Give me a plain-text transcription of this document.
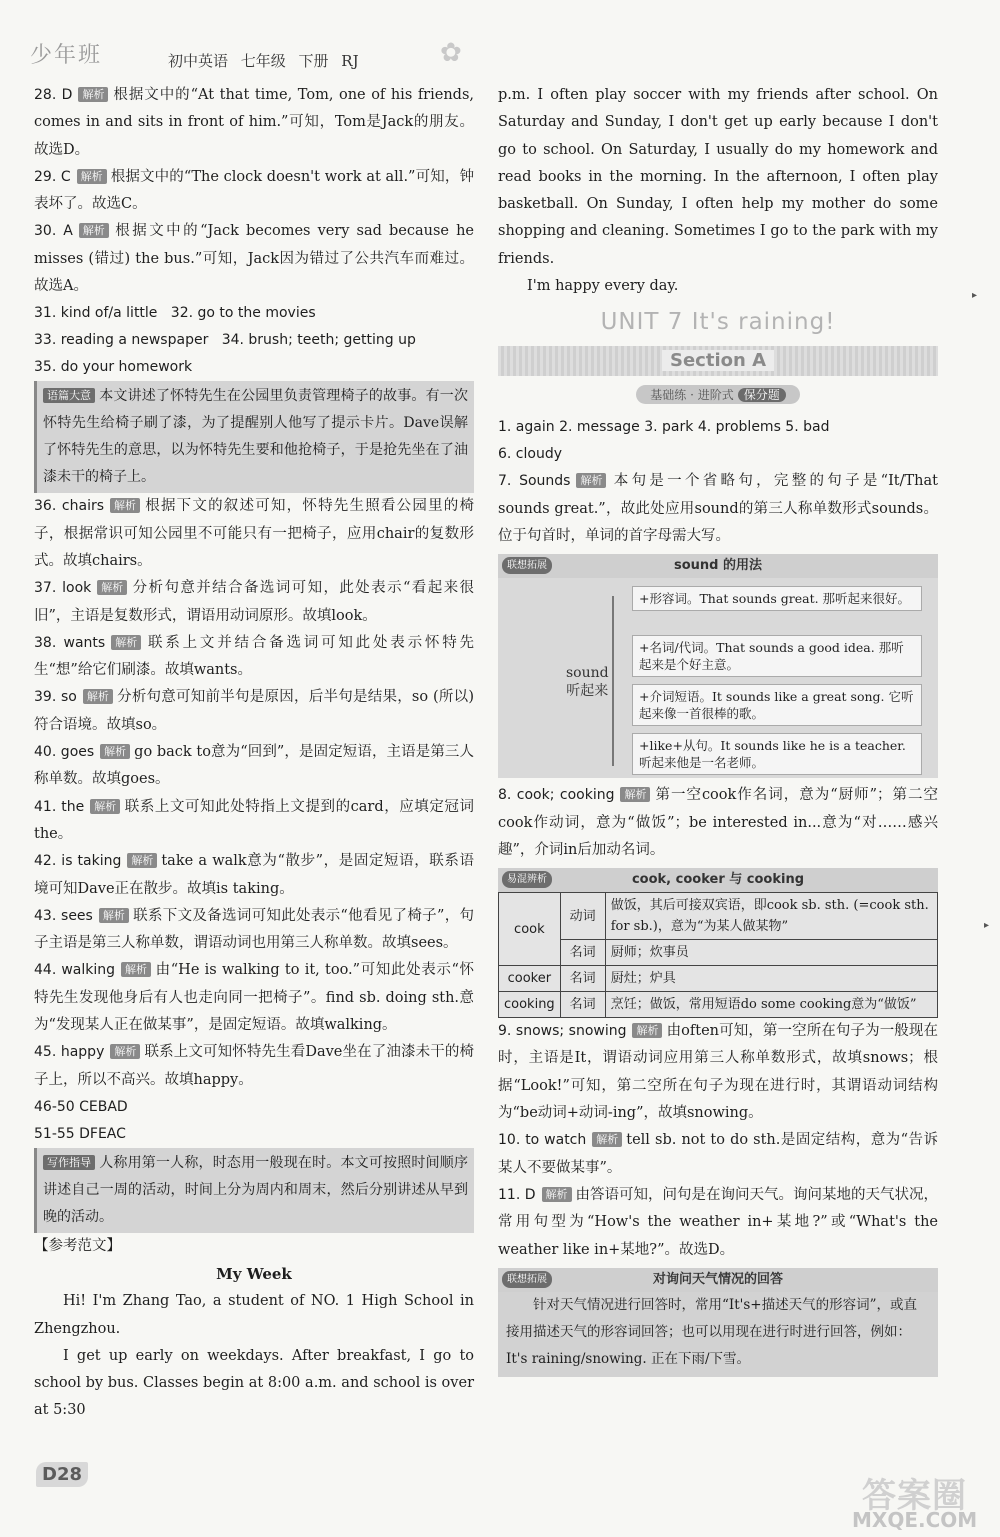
少年班	初中英语 七年级 下册 RJ	✿

28. D 解析 根据文中的“At that time, Tom, one of his friends, comes in and sits in front of him.”可知，Tom是Jack的朋友。故选D。

29. C 解析 根据文中的“The clock doesn't work at all.”可知，钟表坏了。故选C。

30. A 解析 根据文中的“Jack becomes very sad because he misses (错过) the bus.”可知，Jack因为错过了公共汽车而难过。故选A。

31. kind of/a little 32. go to the movies
33. reading a newspaper 34. brush; teeth; getting up
35. do your homework
语篇大意 本文讲述了怀特先生在公园里负责管理椅子的故事。有一次怀特先生给椅子刷了漆，为了提醒别人他写了提示卡片。Dave误解了怀特先生的意思，以为怀特先生要和他抢椅子，于是抢先坐在了油漆未干的椅子上。

36. chairs 解析 根据下文的叙述可知，怀特先生照看公园里的椅子，根据常识可知公园里不可能只有一把椅子，应用chair的复数形式。故填chairs。

37. look 解析 分析句意并结合备选词可知，此处表示“看起来很旧”，主语是复数形式，谓语用动词原形。故填look。

38. wants 解析 联系上文并结合备选词可知此处表示怀特先生“想”给它们刷漆。故填wants。

39. so 解析 分析句意可知前半句是原因，后半句是结果，so (所以)符合语境。故填so。

40. goes 解析 go back to意为“回到”，是固定短语，主语是第三人称单数。故填goes。

41. the 解析 联系上文可知此处特指上文提到的card，应填定冠词the。

42. is taking 解析 take a walk意为“散步”，是固定短语，联系语境可知Dave正在散步。故填is taking。

43. sees 解析 联系下文及备选词可知此处表示“他看见了椅子”，句子主语是第三人称单数，谓语动词也用第三人称单数。故填sees。

44. walking 解析 由“He is walking to it, too.”可知此处表示“怀特先生发现他身后有人也走向同一把椅子”。find sb. doing sth.意为“发现某人正在做某事”，是固定短语。故填walking。

45. happy 解析 联系上文可知怀特先生看Dave坐在了油漆未干的椅子上，所以不高兴。故填happy。

46-50 CEBAD
51-55 DFEAC
写作指导 人称用第一人称，时态用一般现在时。本文可按照时间顺序讲述自己一周的活动，时间上分为周内和周末，然后分别讲述从早到晚的活动。
【参考范文】
My Week

Hi! I'm Zhang Tao, a student of NO. 1 High School in Zhengzhou.

I get up early on weekdays. After breakfast, I go to school by bus. Classes begin at 8:00 a.m. and school is over at 5:30

p.m. I often play soccer with my friends after school. On Saturday and Sunday, I don't get up early because I don't go to school. On Saturday, I usually do my homework and read books in the morning. In the afternoon, I often play basketball. On Sunday, I often help my mother do some shopping and cleaning. Sometimes I go to the park with my friends.

I'm happy every day.

UNIT 7 It's raining!
Section A
基础练 · 进阶式 保分题
1. again 2. message 3. park 4. problems 5. bad
6. cloudy

7. Sounds 解析 本句是一个省略句，完整的句子是“It/That sounds great.”，故此处应用sound的第三人称单数形式sounds。位于句首时，单词的首字母需大写。

联想拓展	sound 的用法
sound
听起来
+形容词。That sounds great. 那听起来很好。
+名词/代词。That sounds a good idea. 那听起来是个好主意。
+介词短语。It sounds like a great song. 它听起来像一首很棒的歌。
+like+从句。It sounds like he is a teacher. 听起来他是一名老师。

8. cook; cooking 解析 第一空cook作名词，意为“厨师”；第二空cook作动词，意为“做饭”；be interested in...意为“对……感兴趣”，介词in后加动名词。

易混辨析	cook, cooker 与 cooking
cook	动词	做饭，其后可接双宾语，即cook sb. sth. (=cook sth. for sb.)，意为“为某人做某物”
	名词	厨师；炊事员
cooker	名词	厨灶；炉具
cooking	名词	烹饪；做饭，常用短语do some cooking意为“做饭”

9. snows; snowing 解析 由often可知，第一空所在句子为一般现在时，主语是It，谓语动词应用第三人称单数形式，故填snows；根据“Look!”可知，第二空所在句子为现在进行时，其谓语动词结构为“be动词+动词-ing”，故填snowing。

10. to watch 解析 tell sb. not to do sth.是固定结构，意为“告诉某人不要做某事”。

11. D 解析 由答语可知，问句是在询问天气。询问某地的天气状况，常用句型为“How's the weather in+某地?”或“What's the weather like in+某地?”。故选D。

联想拓展	对询问天气情况的回答
针对天气情况进行回答时，常用“It's+描述天气的形容词”，或直接用描述天气的形容词回答；也可以用现在进行时进行回答，例如：It's raining/snowing. 正在下雨/下雪。
▸
▸
D28
答案圈
MXQE.COM
